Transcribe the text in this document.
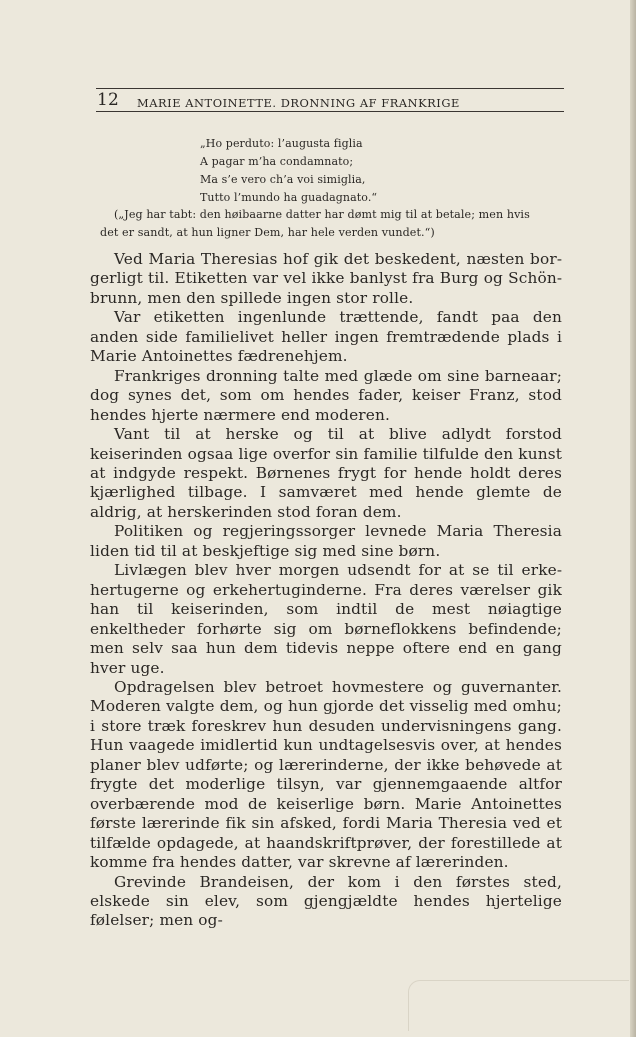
12 MARIE ANTOINETTE. DRONNING AF FRANKRIGE
„Ho perduto: l’augusta figlia
A pagar m’ha condamnato;
Ma s’e vero ch’a voi simiglia,
Tutto l’mundo ha guadagnato.“
(„Jeg har tabt: den høibaarne datter har dømt mig til at betale; men hvis
det er sandt, at hun ligner Dem, har hele verden vundet.“)

Ved Maria Theresias hof gik det beskedent, næsten borgerligt til. Etiketten var vel ikke banlyst fra Burg og Schönbrunn, men den spillede ingen stor rolle.

Var etiketten ingenlunde trættende, fandt paa den anden side familielivet heller ingen fremtrædende plads i Marie Antoinettes fædrenehjem.

Frankriges dronning talte med glæde om sine barneaar; dog synes det, som om hendes fader, keiser Franz, stod hendes hjerte nærmere end moderen.

Vant til at herske og til at blive adlydt forstod keiserinden ogsaa lige overfor sin familie tilfulde den kunst at indgyde respekt. Børnenes frygt for hende holdt deres kjærlighed tilbage. I samværet med hende glemte de aldrig, at herskerinden stod foran dem.

Politiken og regjeringssorger levnede Maria Theresia liden tid til at beskjeftige sig med sine børn.

Livlægen blev hver morgen udsendt for at se til erkehertugerne og erkehertuginderne. Fra deres værelser gik han til keiserinden, som indtil de mest nøiagtige enkeltheder forhørte sig om børneflokkens befindende; men selv saa hun dem tidevis neppe oftere end en gang hver uge.

Opdragelsen blev betroet hovmestere og guvernanter. Moderen valgte dem, og hun gjorde det visselig med omhu; i store træk foreskrev hun desuden undervisningens gang. Hun vaagede imidlertid kun undtagelsesvis over, at hendes planer blev udførte; og lærerinderne, der ikke behøvede at frygte det moderlige tilsyn, var gjennemgaaende altfor overbærende mod de keiserlige børn. Marie Antoinettes første lærerinde fik sin afsked, fordi Maria Theresia ved et tilfælde opdagede, at haandskriftprøver, der forestillede at komme fra hendes datter, var skrevne af lærerinden.

Grevinde Brandeisen, der kom i den førstes sted, elskede sin elev, som gjengjældte hendes hjertelige følelser; men og-
